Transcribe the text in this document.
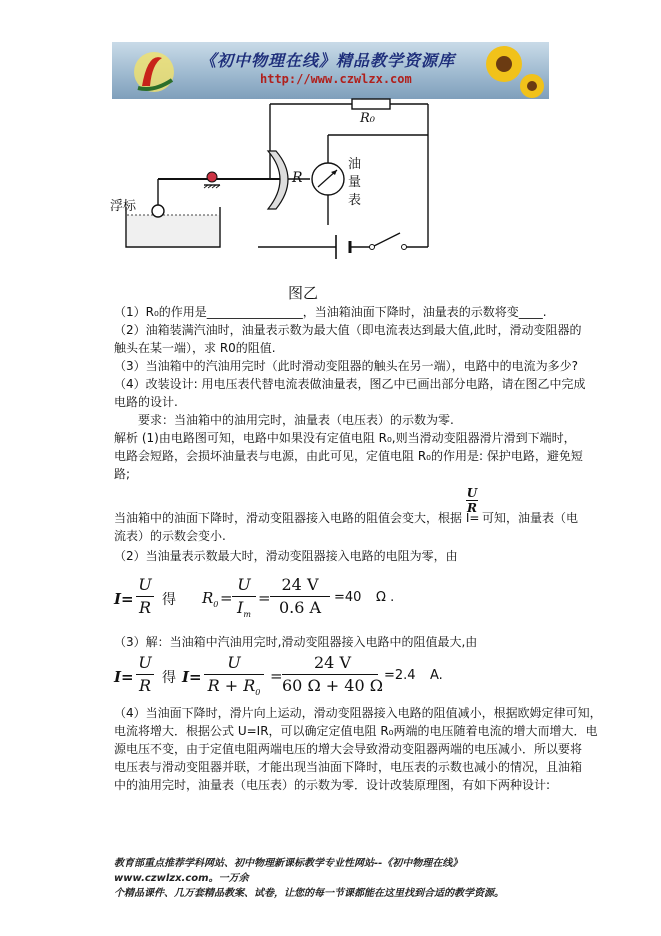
《初中物理在线》精品教学资源库
http://www.czwlzx.com
R₀
R
浮标
油
量
表
图乙
（1）R₀的作用是________________，当油箱油面下降时，油量表的示数将变____.
（2）油箱装满汽油时，油量表示数为最大值（即电流表达到最大值,此时，滑动变阻器的
触头在某一端），求 R0的阻值.
（3）当油箱中的汽油用完时（此时滑动变阻器的触头在另一端），电路中的电流为多少?
（4）改装设计: 用电压表代替电流表做油量表，图乙中已画出部分电路，请在图乙中完成
电路的设计.
要求：当油箱中的油用完时，油量表（电压表）的示数为零.
解析 (1)由电路图可知，电路中如果没有定值电阻 R₀,则当滑动变阻器滑片滑到下端时，
电路会短路，会损坏油量表与电源，由此可见，定值电阻 R₀的作用是: 保护电路，避免短
路;
当油箱中的油面下降时，滑动变阻器接入电路的阻值会变大，根据 I=
U
R
可知，油量表（电
流表）的示数会变小.
（2）当油量表示数最大时，滑动变阻器接入电路的电阻为零，由
I=
U
R 得 $R_0$ =
U
$I_m$
=
24 V
0.6 A
=40 Ω .
（3）解：当油箱中汽油用完时,滑动变阻器接入电路中的阻值最大,由
I=
U
R 得 I=
U
$R + R_0$
=
24 V
60 Ω + 40 Ω
=2.4 A.
（4）当油面下降时，滑片向上运动，滑动变阻器接入电路的阻值减小，根据欧姆定律可知，
电流将增大．根据公式 U=IR，可以确定定值电阻 R₀两端的电压随着电流的增大而增大．电
源电压不变，由于定值电阻两端电压的增大会导致滑动变阻器两端的电压减小．所以要将
电压表与滑动变阻器并联，才能出现当油面下降时，电压表的示数也减小的情况，且油箱
中的油用完时，油量表（电压表）的示数为零．设计改装原理图，有如下两种设计:
教育部重点推荐学科网站、初中物理新课标教学专业性网站--《初中物理在线》www.czwlzx.com。一万余
个精品课件、几万套精品教案、试卷，让您的每一节课都能在这里找到合适的教学资源。
